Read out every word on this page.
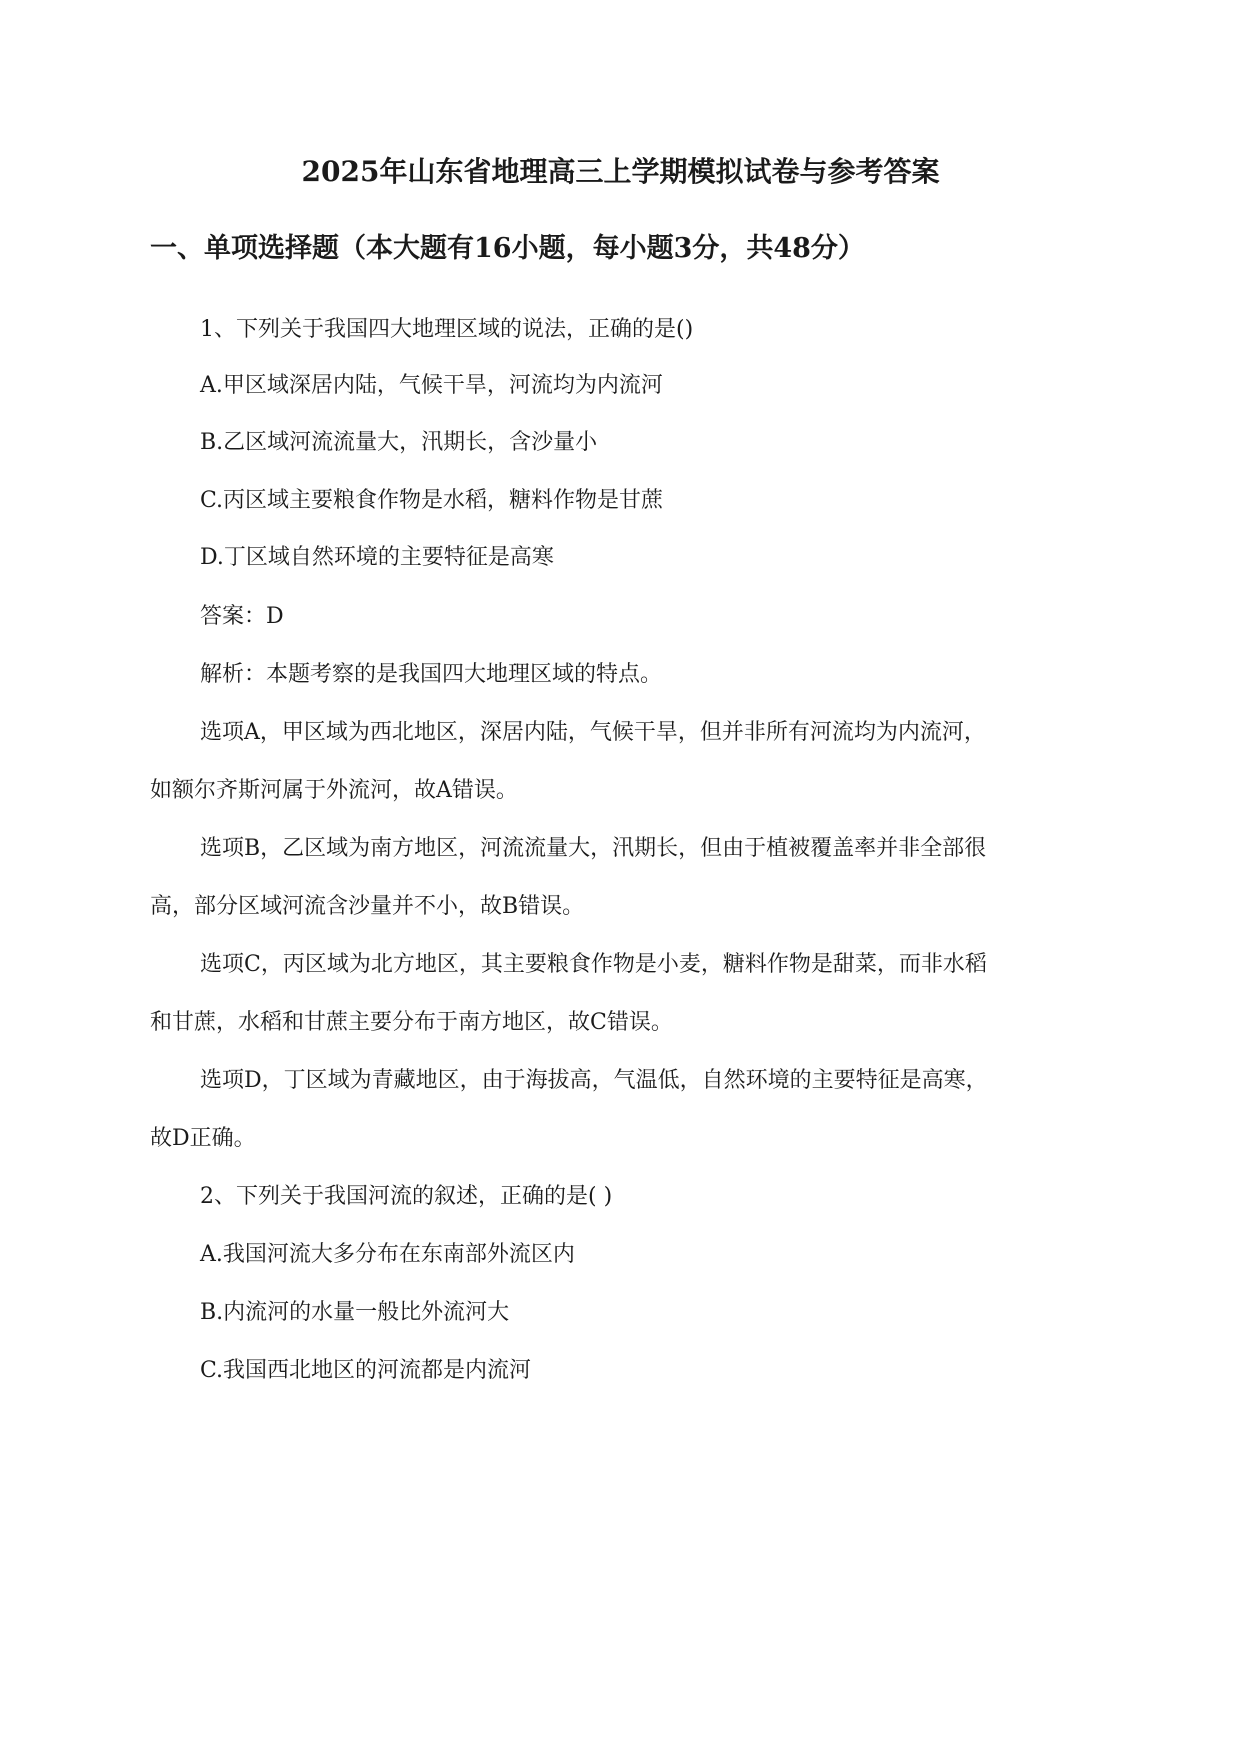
2025年山东省地理高三上学期模拟试卷与参考答案
一、单项选择题（本大题有16小题，每小题3分，共48分）
1、下列关于我国四大地理区域的说法，正确的是()
A.甲区域深居内陆，气候干旱，河流均为内流河
B.乙区域河流流量大，汛期长，含沙量小
C.丙区域主要粮食作物是水稻，糖料作物是甘蔗
D.丁区域自然环境的主要特征是高寒
答案：D
解析：本题考察的是我国四大地理区域的特点。
选项A，甲区域为西北地区，深居内陆，气候干旱，但并非所有河流均为内流河，
如额尔齐斯河属于外流河，故A错误。
选项B，乙区域为南方地区，河流流量大，汛期长，但由于植被覆盖率并非全部很
高，部分区域河流含沙量并不小，故B错误。
选项C，丙区域为北方地区，其主要粮食作物是小麦，糖料作物是甜菜，而非水稻
和甘蔗，水稻和甘蔗主要分布于南方地区，故C错误。
选项D，丁区域为青藏地区，由于海拔高，气温低，自然环境的主要特征是高寒，
故D正确。
2、下列关于我国河流的叙述，正确的是( )
A.我国河流大多分布在东南部外流区内
B.内流河的水量一般比外流河大
C.我国西北地区的河流都是内流河
